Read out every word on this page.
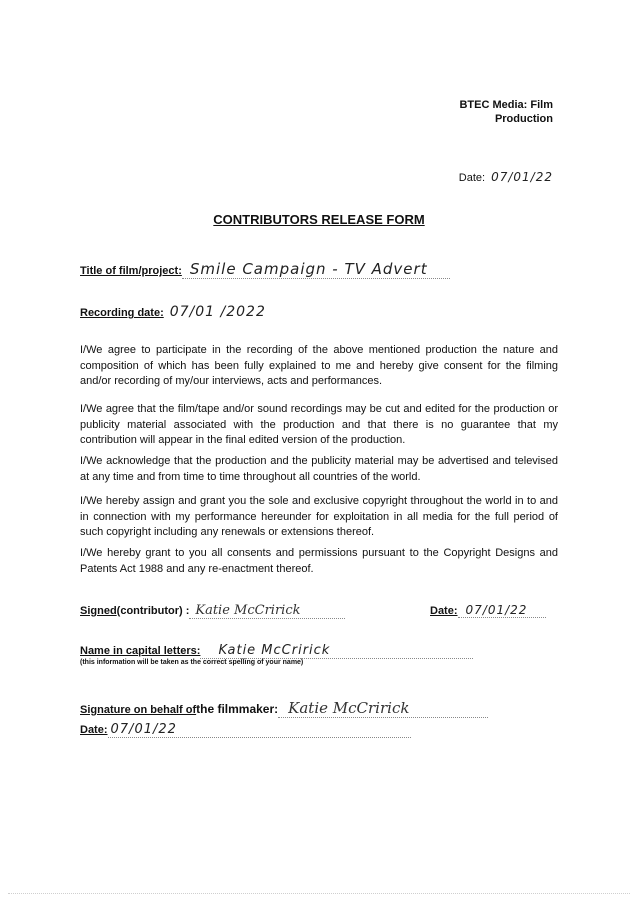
BTEC Media: Film
Production
Date: 07/01/22
CONTRIBUTORS RELEASE FORM
Title of film/project: Smile Campaign - TV Advert
Recording date: 07/01 /2022

I/We agree to participate in the recording of the above mentioned production the nature and composition of which has been fully explained to me and hereby give consent for the filming and/or recording of my/our interviews, acts and performances.

I/We agree that the film/tape and/or sound recordings may be cut and edited for the production or publicity material associated with the production and that there is no guarantee that my contribution will appear in the final edited version of the production.

I/We acknowledge that the production and the publicity material may be advertised and televised at any time and from time to time throughout all countries of the world.

I/We hereby assign and grant you the sole and exclusive copyright throughout the world in to and in connection with my performance hereunder for exploitation in all media for the full period of such copyright including any renewals or extensions thereof.

I/We hereby grant to you all consents and permissions pursuant to the Copyright Designs and Patents Act 1988 and any re-enactment thereof.

Signed (contributor) : Katie McCririck	Date: 07/01/22
Name in capital letters:	Katie McCririck
(this information will be taken as the correct spelling of your name)
Signature on behalf of the filmmaker: Katie McCririck
Date: 07/01/22
